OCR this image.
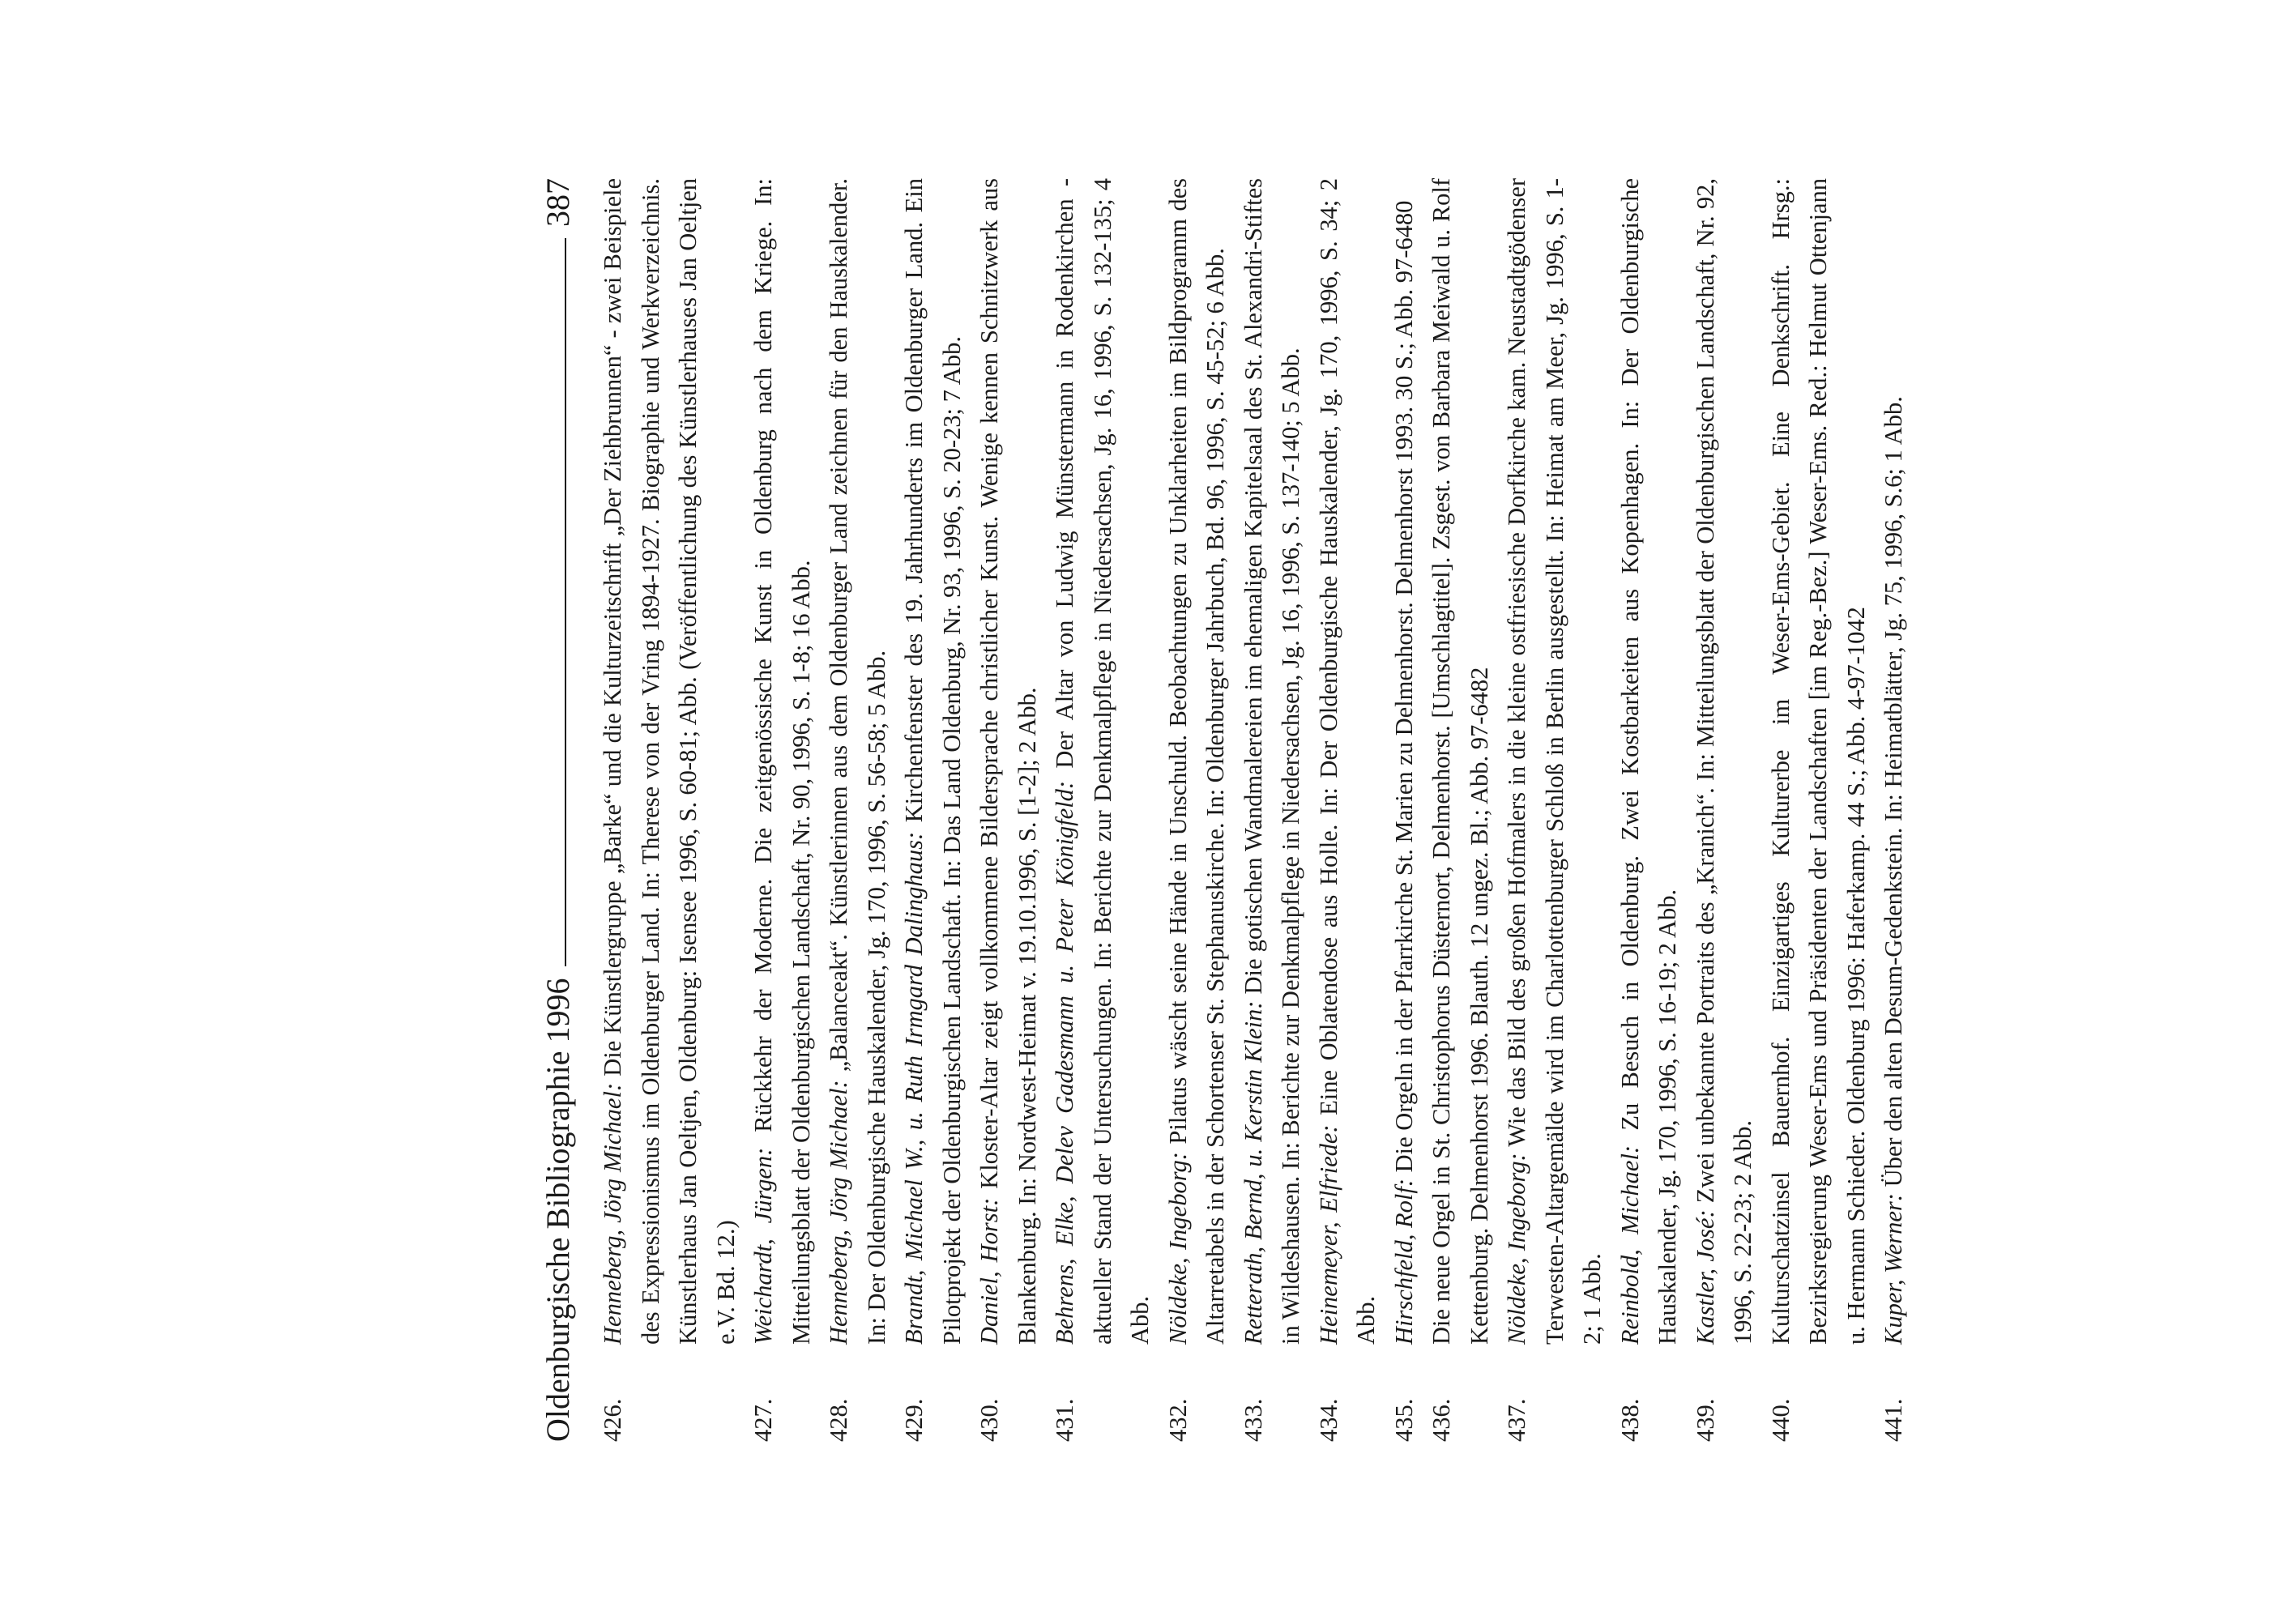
Oldenburgische Bibliographie 1996
387
426.
Henneberg, Jörg Michael: Die Künstlergruppe „Barke“ und die Kulturzeitschrift „Der Ziehbrunnen“ - zwei Beispiele des Expressionismus im Oldenburger Land. In: Therese von der Vring 1894-1927. Biographie und Werkverzeichnis. Künstlerhaus Jan Oeltjen, Oldenburg: Isensee 1996, S. 60-81; Abb. (Veröffentlichung des Künstlerhauses Jan Oeltjen e.V. Bd. 12.)
427.
Weichardt, Jürgen: Rückkehr der Moderne. Die zeitgenössische Kunst in Oldenburg nach dem Kriege. In: Mitteilungsblatt der Oldenburgischen Landschaft, Nr. 90, 1996, S. 1-8; 16 Abb.
428.
Henneberg, Jörg Michael: „Balanceakt“. Künstlerinnen aus dem Oldenburger Land zeichnen für den Hauskalender. In: Der Oldenburgische Hauskalender, Jg. 170, 1996, S. 56-58; 5 Abb.
429.
Brandt, Michael W., u. Ruth Irmgard Dalinghaus: Kirchenfenster des 19. Jahrhunderts im Oldenburger Land. Ein Pilotprojekt der Oldenburgischen Landschaft. In: Das Land Oldenburg, Nr. 93, 1996, S. 20-23; 7 Abb.
430.
Daniel, Horst: Kloster-Altar zeigt vollkommene Bildersprache christlicher Kunst. Wenige kennen Schnitzwerk aus Blankenburg. In: Nordwest-Heimat v. 19.10.1996, S. [1-2]; 2 Abb.
431.
Behrens, Elke, Delev Gadesmann u. Peter Königfeld: Der Altar von Ludwig Münstermann in Rodenkirchen - aktueller Stand der Untersuchungen. In: Berichte zur Denkmalpflege in Niedersachsen, Jg. 16, 1996, S. 132-135; 4 Abb.
432.
Nöldeke, Ingeborg: Pilatus wäscht seine Hände in Unschuld. Beobachtungen zu Unklarheiten im Bildprogramm des Altarretabels in der Schortenser St. Stephanuskirche. In: Oldenburger Jahrbuch, Bd. 96, 1996, S. 45-52; 6 Abb.
433.
Retterath, Bernd, u. Kerstin Klein: Die gotischen Wandmalereien im ehemaligen Kapitelsaal des St. Alexandri-Stiftes in Wildeshausen. In: Berichte zur Denkmalpflege in Niedersachsen, Jg. 16, 1996, S. 137-140; 5 Abb.
434.
Heinemeyer, Elfriede: Eine Oblatendose aus Holle. In: Der Oldenburgische Hauskalender, Jg. 170, 1996, S. 34; 2 Abb.
435.
Hirschfeld, Rolf: Die Orgeln in der Pfarrkirche St. Marien zu Delmenhorst. Delmenhorst 1993. 30 S.; Abb. 97-6480
436.
Die neue Orgel in St. Christophorus Düsternort, Delmenhorst. [Umschlagtitel]. Zsgest. von Barbara Meiwald u. Rolf Kettenburg. Delmenhorst 1996. Blauth. 12 ungez. Bl.; Abb. 97-6482
437.
Nöldeke, Ingeborg: Wie das Bild des großen Hofmalers in die kleine ostfriesische Dorfkirche kam. Neustadtgödenser Terwesten-Altargemälde wird im Charlottenburger Schloß in Berlin ausgestellt. In: Heimat am Meer, Jg. 1996, S. 1-2; 1 Abb.
438.
Reinbold, Michael: Zu Besuch in Oldenburg. Zwei Kostbarkeiten aus Kopenhagen. In: Der Oldenburgische Hauskalender, Jg. 170, 1996, S. 16-19; 2 Abb.
439.
Kastler, José: Zwei unbekannte Portraits des „Kranich“. In: Mitteilungsblatt der Oldenburgischen Landschaft, Nr. 92, 1996, S. 22-23; 2 Abb.
440.
Kulturschatzinsel Bauernhof. Einzigartiges Kulturerbe im Weser-Ems-Gebiet. Eine Denkschrift. Hrsg.: Bezirksregierung Weser-Ems und Präsidenten der Landschaften [im Reg.-Bez.] Weser-Ems. Red.: Helmut Ottenjann u. Hermann Schieder. Oldenburg 1996: Haferkamp. 44 S.; Abb. 4-97-1042
441.
Kuper, Werner: Über den alten Desum-Gedenkstein. In: Heimatblätter, Jg. 75, 1996, S.6; 1 Abb.
